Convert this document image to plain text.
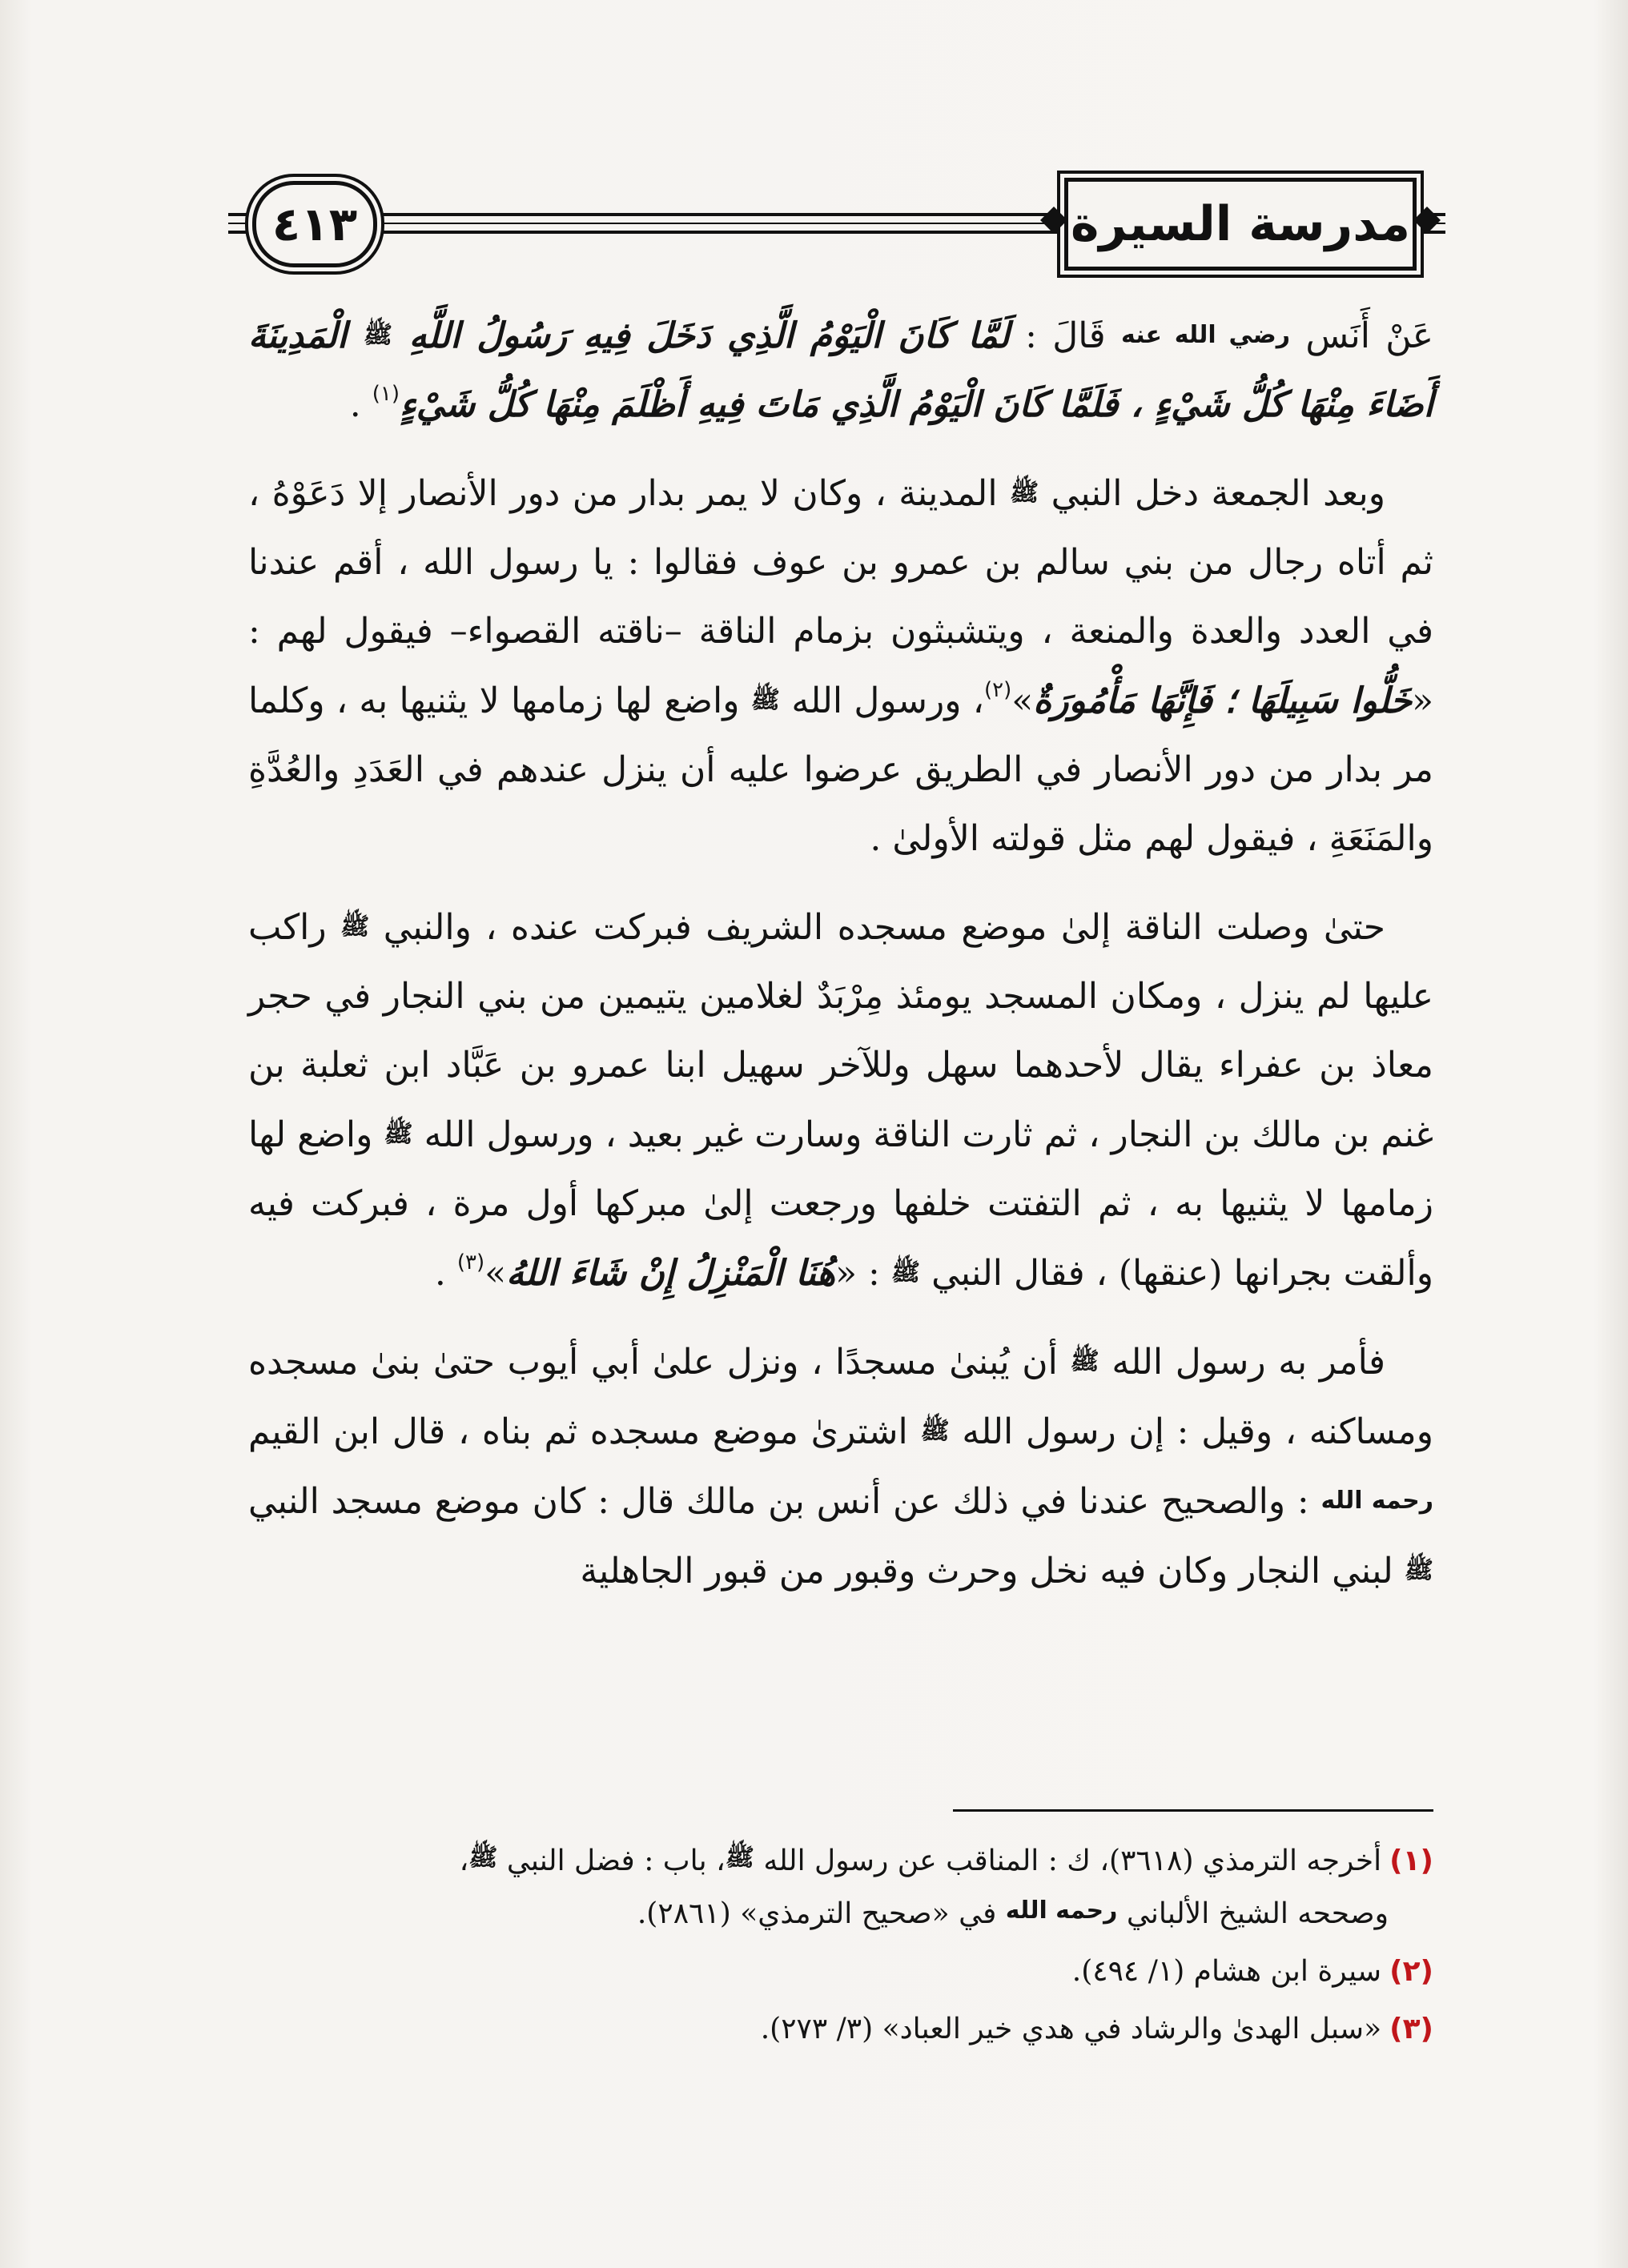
٤١٣	مدرسة السيرة

عَنْ أَنَس رضي الله عنه قَالَ : لَمَّا كَانَ الْيَوْمُ الَّذِي دَخَلَ فِيهِ رَسُولُ اللَّهِ ﷺ الْمَدِينَةَ أَضَاءَ مِنْهَا كُلُّ شَيْءٍ ، فَلَمَّا كَانَ الْيَوْمُ الَّذِي مَاتَ فِيهِ أَظْلَمَ مِنْهَا كُلُّ شَيْءٍ$^{(١)}$ .

وبعد الجمعة دخل النبي ﷺ المدينة ، وكان لا يمر بدار من دور الأنصار إلا دَعَوْهُ ، ثم أتاه رجال من بني سالم بن عمرو بن عوف فقالوا : يا رسول الله ، أقم عندنا في العدد والعدة والمنعة ، ويتشبثون بزمام الناقة –ناقته القصواء– فيقول لهم : «خَلُّوا سَبِيلَهَا ؛ فَإِنَّهَا مَأْمُورَةٌ»$^{(٢)}$، ورسول الله ﷺ واضع لها زمامها لا يثنيها به ، وكلما مر بدار من دور الأنصار في الطريق عرضوا عليه أن ينزل عندهم في العَدَدِ والعُدَّةِ والمَنَعَةِ ، فيقول لهم مثل قولته الأولىٰ .

حتىٰ وصلت الناقة إلىٰ موضع مسجده الشريف فبركت عنده ، والنبي ﷺ راكب عليها لم ينزل ، ومكان المسجد يومئذ مِرْبَدٌ لغلامين يتيمين من بني النجار في حجر معاذ بن عفراء يقال لأحدهما سهل وللآخر سهيل ابنا عمرو بن عَبَّاد ابن ثعلبة بن غنم بن مالك بن النجار ، ثم ثارت الناقة وسارت غير بعيد ، ورسول الله ﷺ واضع لها زمامها لا يثنيها به ، ثم التفتت خلفها ورجعت إلىٰ مبركها أول مرة ، فبركت فيه وألقت بجرانها (عنقها) ، فقال النبي ﷺ : «هُنَا الْمَنْزِلُ إِنْ شَاءَ اللهُ»$^{(٣)}$ .

فأمر به رسول الله ﷺ أن يُبنىٰ مسجدًا ، ونزل علىٰ أبي أيوب حتىٰ بنىٰ مسجده ومساكنه ، وقيل : إن رسول الله ﷺ اشترىٰ موضع مسجده ثم بناه ، قال ابن القيم رحمه الله : والصحيح عندنا في ذلك عن أنس بن مالك قال : كان موضع مسجد النبي ﷺ لبني النجار وكان فيه نخل وحرث وقبور من قبور الجاهلية

(١)أخرجه الترمذي (٣٦١٨)، ك : المناقب عن رسول الله ﷺ، باب : فضل النبي ﷺ،
وصححه الشيخ الألباني رحمه الله في «صحيح الترمذي» (٢٨٦١).

(٢)سيرة ابن هشام (١/ ٤٩٤).

(٣)«سبل الهدىٰ والرشاد في هدي خير العباد» (٣/ ٢٧٣).
